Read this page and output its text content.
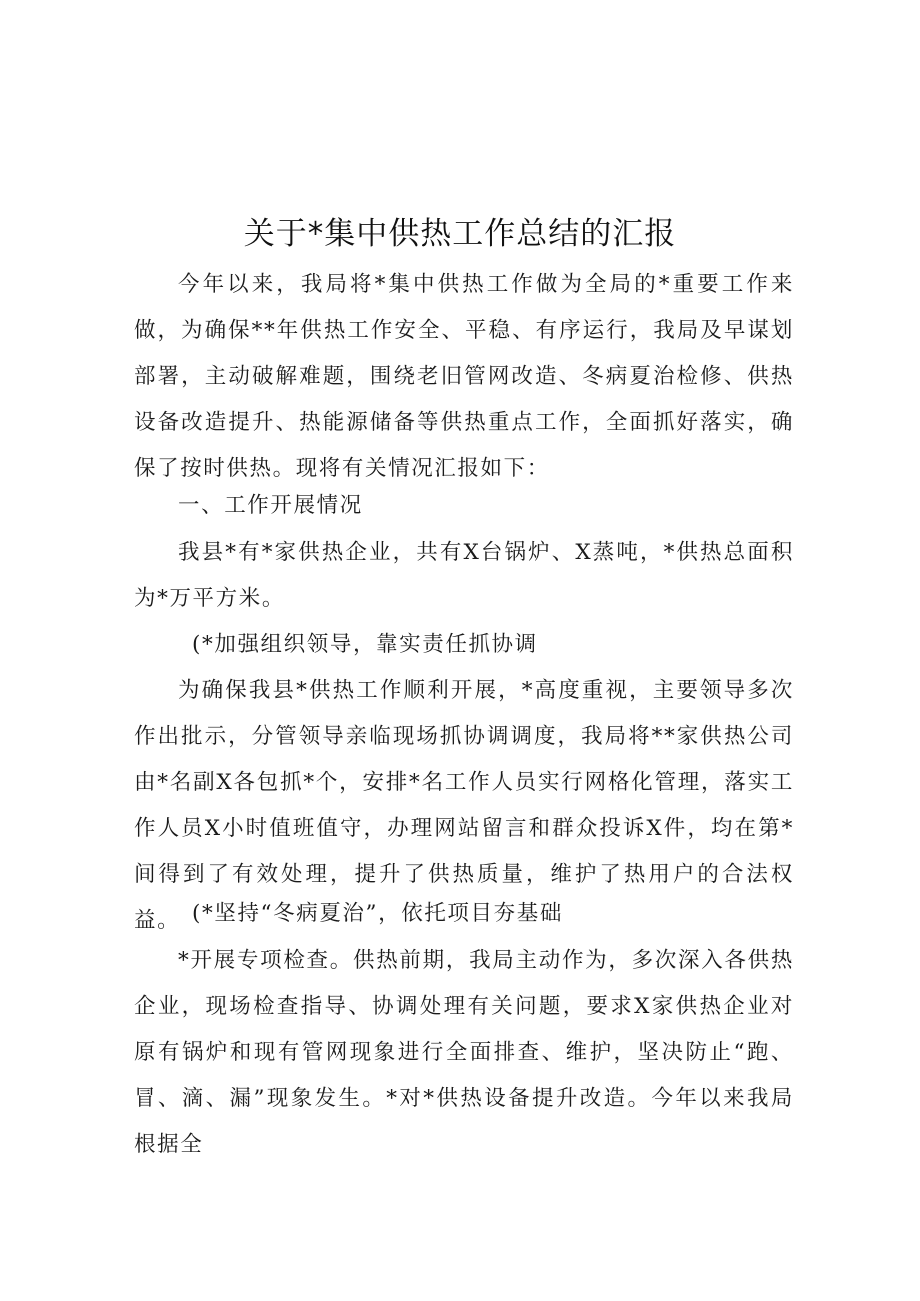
关于*集中供热工作总结的汇报

今年以来，我局将*集中供热工作做为全局的*重要工作来做，为确保**年供热工作安全、平稳、有序运行，我局及早谋划部署，主动破解难题，围绕老旧管网改造、冬病夏治检修、供热设备改造提升、热能源储备等供热重点工作，全面抓好落实，确保了按时供热。现将有关情况汇报如下：

一、工作开展情况

我县*有*家供热企业，共有X台锅炉、X蒸吨，*供热总面积为*万平方米。

(*加强组织领导，靠实责任抓协调

为确保我县*供热工作顺利开展，*高度重视，主要领导多次作出批示，分管领导亲临现场抓协调调度，我局将**家供热公司由*名副X各包抓*个，安排*名工作人员实行网格化管理，落实工作人员X小时值班值守，办理网站留言和群众投诉X件，均在第*间得到了有效处理，提升了供热质量，维护了热用户的合法权益。 (*坚持“冬病夏治”，依托项目夯基础

*开展专项检查。供热前期，我局主动作为，多次深入各供热企业，现场检查指导、协调处理有关问题，要求X家供热企业对原有锅炉和现有管网现象进行全面排查、维护，坚决防止“跑、冒、滴、漏”现象发生。*对*供热设备提升改造。今年以来我局根据全
